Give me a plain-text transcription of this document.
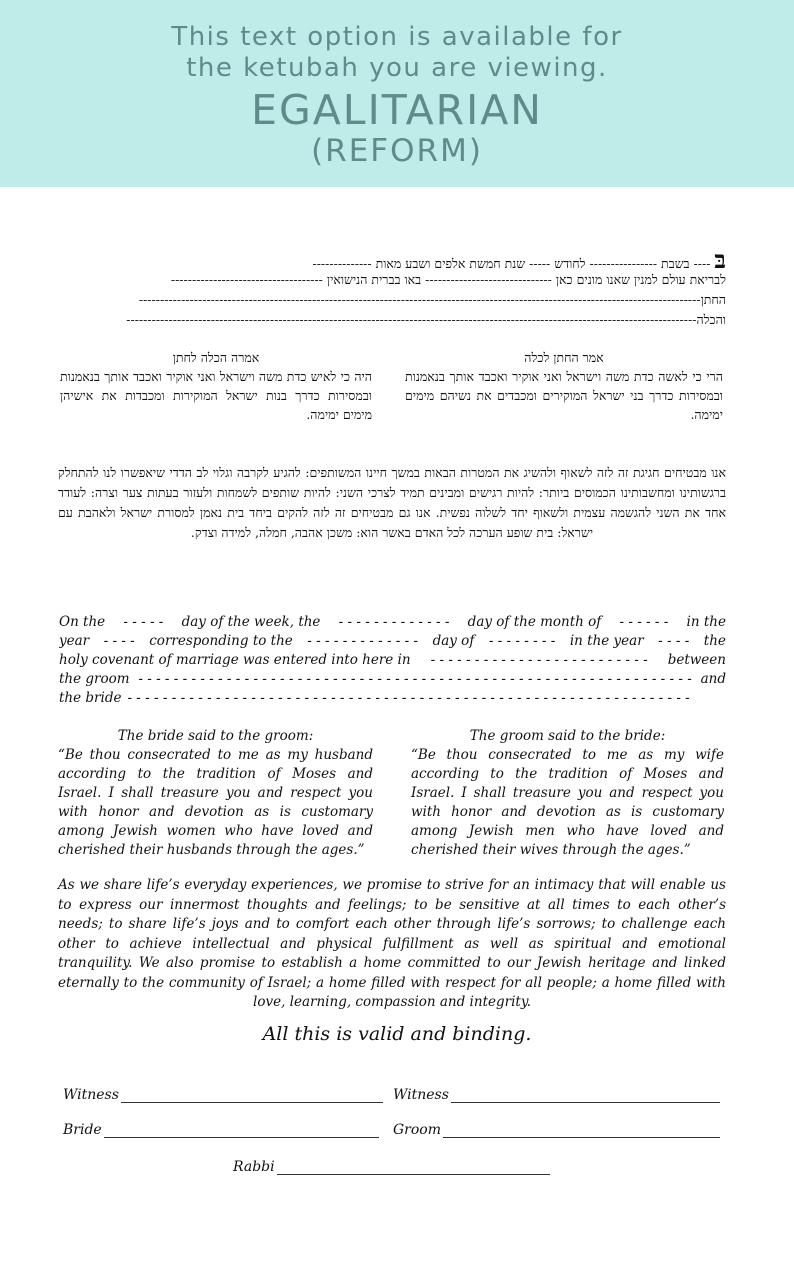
This text option is available for
the ketubah you are viewing.
EGALITARIAN
(REFORM)
בּ ---- בשבת ---------------- לחודש ----- שנת חמשת אלפים ושבע מאות --------------
לבריאת עולם למנין שאנו מונים כאן ------------------------------ באו בברית הנישואין ------------------------------------
החתן-------------------------------------------------------------------------------------------------------------------------------------
והכלה---------------------------------------------------------------------------------------------------------------------------------------
אמר החתן לכלה
הרי כי לאשה כדת משה וישראל ואני אוקיר ואכבד אותך בנאמנות ובמסירות כדרך בני ישראל המוקירים ומכבדים את נשיהם מימים ימימה.
אמרה הכלה לחתן
היה כי לאיש כדת משה וישראל ואני אוקיר ואכבד אותך בנאמנות ובמסירות כדרך בנות ישראל המוקירות ומכבדות את אישיהן מימים ימימה.
אנו מבטיחים חגיגת זה לזה לשאוף ולהשיג את המטרות הבאות במשך חיינו המשותפים: להגיע לקרבה וגלוי לב הדדי שיאפשרו לנו להתחלק ברגשותינו ומחשבותינו הכמוסים ביותר: להיות רגישים ומבינים תמיד לצרכי השני: להיות שותפים לשמחות ולעזור בעתות צער וצרה: לעודד אחד את השני להגשמה עצמית ולשאוף יחד לשלוה נפשית. אנו גם מבטיחים זה לזה להקים ביחד בית נאמן למסורת ישראל ולאהבת עם ישראל: בית שופע הערכה לכל האדם באשר הוא: משכן אהבה, חמלה, למידה וצדק.
On the - - - - - day of the week, the - - - - - - - - - - - - - day of the month of - - - - - - in the
year - - - - corresponding to the - - - - - - - - - - - - - day of - - - - - - - - in the year - - - - the
holy covenant of marriage was entered into here in - - - - - - - - - - - - - - - - - - - - - - - - - between
the groom - - - - - - - - - - - - - - - - - - - - - - - - - - - - - - - - - - - - - - - - - - - - - - - - - - - - - - - - - - - - - - - and
the bride - - - - - - - - - - - - - - - - - - - - - - - - - - - - - - - - - - - - - - - - - - - - - - - - - - - - - - - - - - - - - - - -
The bride said to the groom:
“Be thou consecrated to me as my husband according to the tradition of Moses and Israel. I shall treasure you and respect you with honor and devotion as is customary among Jewish women who have loved and cherished their husbands through the ages.”
The groom said to the bride:
“Be thou consecrated to me as my wife according to the tradition of Moses and Israel. I shall treasure you and respect you with honor and devotion as is customary among Jewish men who have loved and cherished their wives through the ages.”
As we share life’s everyday experiences, we promise to strive for an intimacy that will enable us to express our innermost thoughts and feelings; to be sensitive at all times to each other’s needs; to share life’s joys and to comfort each other through life’s sorrows; to challenge each other to achieve intellectual and physical fulfillment as well as spiritual and emotional tranquility. We also promise to establish a home committed to our Jewish heritage and linked eternally to the community of Israel; a home filled with respect for all people; a home filled with love, learning, compassion and integrity.
All this is valid and binding.
Witness	Witness
Bride	Groom
Rabbi
